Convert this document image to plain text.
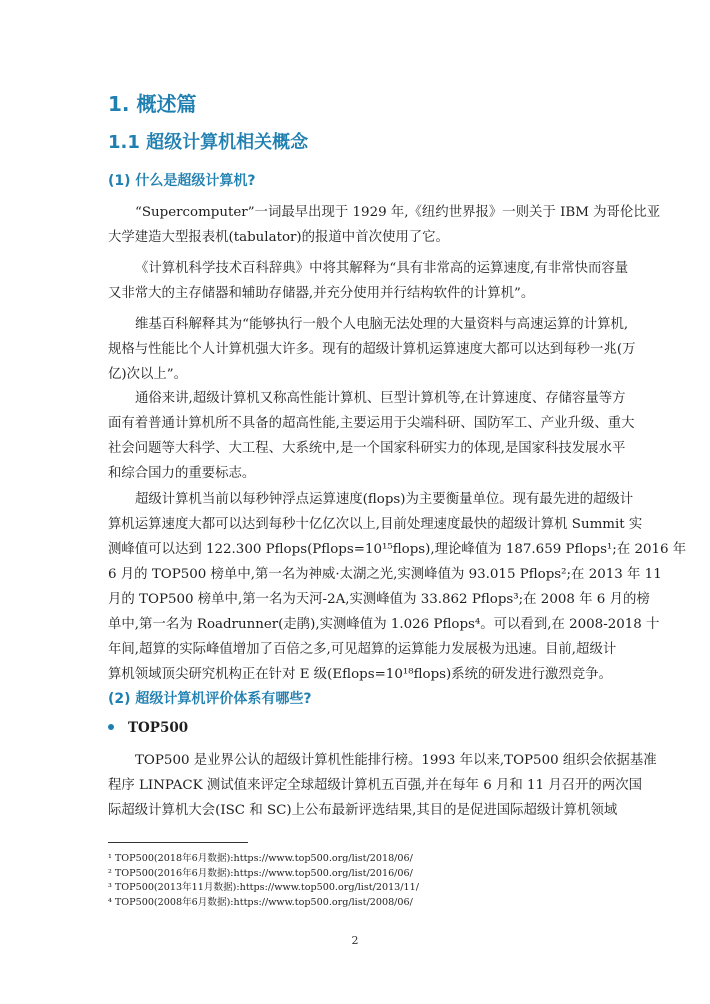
1. 概述篇
1.1 超级计算机相关概念
(1) 什么是超级计算机?
“Supercomputer”一词最早出现于 1929 年,《纽约世界报》一则关于 IBM 为哥伦比亚
大学建造大型报表机(tabulator)的报道中首次使用了它。
《计算机科学技术百科辞典》中将其解释为“具有非常高的运算速度,有非常快而容量
又非常大的主存储器和辅助存储器,并充分使用并行结构软件的计算机”。
维基百科解释其为“能够执行一般个人电脑无法处理的大量资料与高速运算的计算机,
规格与性能比个人计算机强大许多。现有的超级计算机运算速度大都可以达到每秒一兆(万
亿)次以上”。
通俗来讲,超级计算机又称高性能计算机、巨型计算机等,在计算速度、存储容量等方
面有着普通计算机所不具备的超高性能,主要运用于尖端科研、国防军工、产业升级、重大
社会问题等大科学、大工程、大系统中,是一个国家科研实力的体现,是国家科技发展水平
和综合国力的重要标志。
超级计算机当前以每秒钟浮点运算速度(flops)为主要衡量单位。现有最先进的超级计
算机运算速度大都可以达到每秒十亿亿次以上,目前处理速度最快的超级计算机 Summit 实
测峰值可以达到 122.300 Pflops(Pflops=10¹⁵flops),理论峰值为 187.659 Pflops¹;在 2016 年
6 月的 TOP500 榜单中,第一名为神威·太湖之光,实测峰值为 93.015 Pflops²;在 2013 年 11
月的 TOP500 榜单中,第一名为天河-2A,实测峰值为 33.862 Pflops³;在 2008 年 6 月的榜
单中,第一名为 Roadrunner(走鹃),实测峰值为 1.026 Pflops⁴。可以看到,在 2008-2018 十
年间,超算的实际峰值增加了百倍之多,可见超算的运算能力发展极为迅速。目前,超级计
算机领域顶尖研究机构正在针对 E 级(Eflops=10¹⁸flops)系统的研发进行激烈竞争。
(2) 超级计算机评价体系有哪些?
TOP500
TOP500 是业界公认的超级计算机性能排行榜。1993 年以来,TOP500 组织会依据基准
程序 LINPACK 测试值来评定全球超级计算机五百强,并在每年 6 月和 11 月召开的两次国
际超级计算机大会(ISC 和 SC)上公布最新评选结果,其目的是促进国际超级计算机领域
¹ TOP500(2018年6月数据):https://www.top500.org/list/2018/06/
² TOP500(2016年6月数据):https://www.top500.org/list/2016/06/
³ TOP500(2013年11月数据):https://www.top500.org/list/2013/11/
⁴ TOP500(2008年6月数据):https://www.top500.org/list/2008/06/
2
